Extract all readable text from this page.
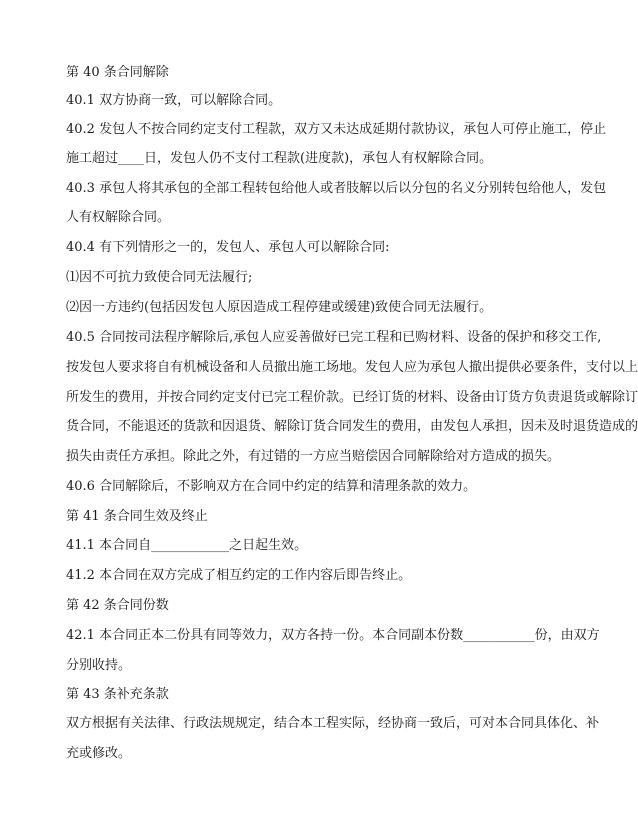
第 40 条合同解除
40.1 双方协商一致，可以解除合同。
40.2 发包人不按合同约定支付工程款，双方又未达成延期付款协议，承包人可停止施工，停止
施工超过____日，发包人仍不支付工程款(进度款)，承包人有权解除合同。
40.3 承包人将其承包的全部工程转包给他人或者肢解以后以分包的名义分别转包给他人，发包
人有权解除合同。
40.4 有下列情形之一的，发包人、承包人可以解除合同:
⑴因不可抗力致使合同无法履行;
⑵因一方违约(包括因发包人原因造成工程停建或缓建)致使合同无法履行。
40.5 合同按司法程序解除后,承包人应妥善做好已完工程和已购材料、设备的保护和移交工作,
按发包人要求将自有机械设备和人员撤出施工场地。发包人应为承包人撤出提供必要条件，支付以上
所发生的费用，并按合同约定支付已完工程价款。已经订货的材料、设备由订货方负责退货或解除订
货合同，不能退还的货款和因退货、解除订货合同发生的费用，由发包人承担，因未及时退货造成的
损失由责任方承担。除此之外，有过错的一方应当赔偿因合同解除给对方造成的损失。
40.6 合同解除后，不影响双方在合同中约定的结算和清理条款的效力。
第 41 条合同生效及终止
41.1 本合同自____________之日起生效。
41.2 本合同在双方完成了相互约定的工作内容后即告终止。
第 42 条合同份数
42.1 本合同正本二份具有同等效力，双方各持一份。本合同副本份数___________份，由双方
分别收持。
第 43 条补充条款
双方根据有关法律、行政法规规定，结合本工程实际，经协商一致后，可对本合同具体化、补
充或修改。
